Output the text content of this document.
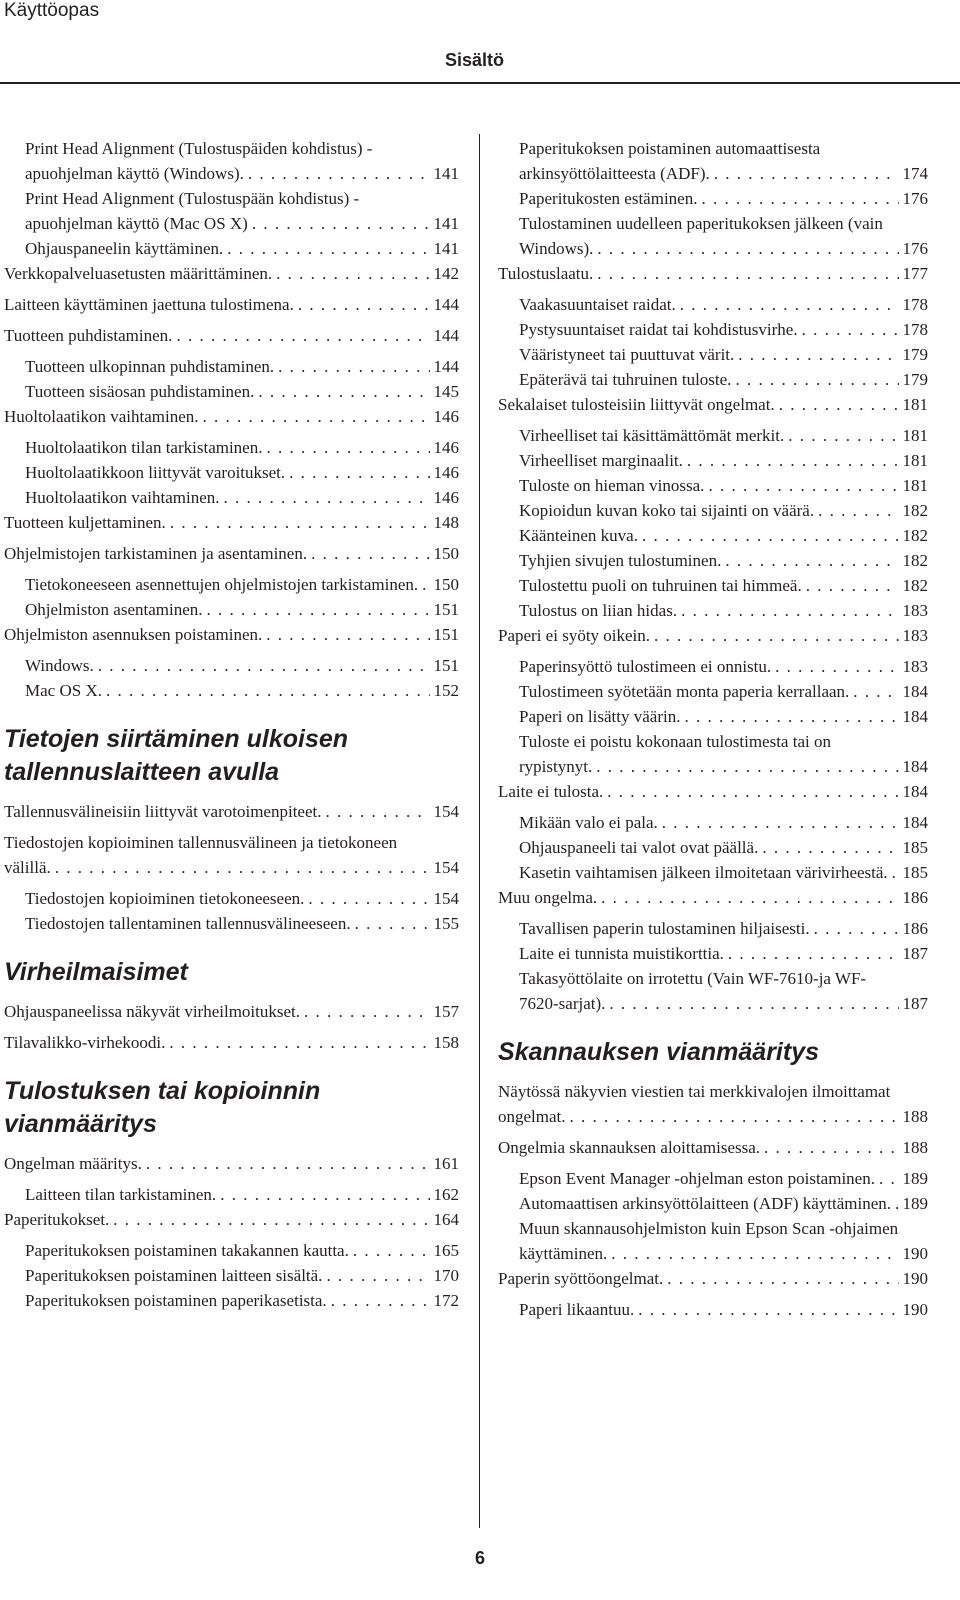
Käyttöopas
Sisältö
Print Head Alignment (Tulostuspäiden kohdistus) -apuohjelman käyttö (Windows). . . .	141
Print Head Alignment (Tulostuspään kohdistus) -apuohjelman käyttö (Mac OS X) . . .	141
Ohjauspaneelin käyttäminen. . . .	141
Verkkopalveluasetusten määrittäminen. . . .	142
Laitteen käyttäminen jaettuna tulostimena. . . .	144
Tuotteen puhdistaminen. . . .	144
Tuotteen ulkopinnan puhdistaminen. . . .	144
Tuotteen sisäosan puhdistaminen. . . .	145
Huoltolaatikon vaihtaminen. . . .	146
Huoltolaatikon tilan tarkistaminen. . . .	146
Huoltolaatikkoon liittyvät varoitukset. . . .	146
Huoltolaatikon vaihtaminen. . . .	146
Tuotteen kuljettaminen. . . .	148
Ohjelmistojen tarkistaminen ja asentaminen. . . .	150
Tietokoneeseen asennettujen ohjelmistojen tarkistaminen. . . . 150
Ohjelmiston asentaminen. . . .	151
Ohjelmiston asennuksen poistaminen. . . .	151
Windows. . . .	151
Mac OS X. . . .	152
Tietojen siirtäminen ulkoisen tallennuslaitteen avulla
Tallennusvälineisiin liittyvät varotoimenpiteet. . . .	154
Tiedostojen kopioiminen tallennusvälineen ja tietokoneen välillä. . . .	154
Tiedostojen kopioiminen tietokoneeseen. . . .	154
Tiedostojen tallentaminen tallennusvälineeseen. . . .	155
Virheilmaisimet
Ohjauspaneelissa näkyvät virheilmoitukset. . . .	157
Tilavalikko-virhekoodi. . . .	158
Tulostuksen tai kopioinnin vianmääritys
Ongelman määritys. . . .	161
Laitteen tilan tarkistaminen. . . .	162
Paperitukokset. . . .	164
Paperitukoksen poistaminen takakannen kautta. . . .	165
Paperitukoksen poistaminen laitteen sisältä. . . .	170
Paperitukoksen poistaminen paperikasetista. . . .	172
Paperitukoksen poistaminen automaattisesta arkinsyöttölaitteesta (ADF). . . .	174
Paperitukosten estäminen. . . .	176
Tulostaminen uudelleen paperitukoksen jälkeen (vain Windows). . . .	176
Tulostuslaatu. . . .	177
Vaakasuuntaiset raidat. . . .	178
Pystysuuntaiset raidat tai kohdistusvirhe. . . .	178
Vääristyneet tai puuttuvat värit. . . .	179
Epäterävä tai tuhruinen tuloste. . . .	179
Sekalaiset tulosteisiin liittyvät ongelmat. . . .	181
Virheelliset tai käsittämättömät merkit. . . .	181
Virheelliset marginaalit. . . .	181
Tuloste on hieman vinossa. . . .	181
Kopioidun kuvan koko tai sijainti on väärä. . . .	182
Käänteinen kuva. . . .	182
Tyhjien sivujen tulostuminen. . . .	182
Tulostettu puoli on tuhruinen tai himmeä. . . .	182
Tulostus on liian hidas. . . .	183
Paperi ei syöty oikein. . . .	183
Paperinsyöttö tulostimeen ei onnistu. . . .	183
Tulostimeen syötetään monta paperia kerrallaan. . . .	184
Paperi on lisätty väärin. . . .	184
Tuloste ei poistu kokonaan tulostimesta tai on rypistynyt. . . .	184
Laite ei tulosta. . . .	184
Mikään valo ei pala. . . .	184
Ohjauspaneeli tai valot ovat päällä. . . .	185
Kasetin vaihtamisen jälkeen ilmoitetaan värivirheestä. . . . 185
Muu ongelma. . . .	186
Tavallisen paperin tulostaminen hiljaisesti. . . .	186
Laite ei tunnista muistikorttia. . . .	187
Takasyöttölaite on irrotettu (Vain WF-7610-ja WF-7620-sarjat). . . .	187
Skannauksen vianmääritys
Näytössä näkyvien viestien tai merkkivalojen ilmoittamat ongelmat. . . .	188
Ongelmia skannauksen aloittamisessa. . . .	188
Epson Event Manager -ohjelman eston poistaminen. . . .	189
Automaattisen arkinsyöttölaitteen (ADF) käyttäminen. . . . 189
Muun skannausohjelmiston kuin Epson Scan -ohjaimen käyttäminen. . . .	190
Paperin syöttöongelmat. . . .	190
Paperi likaantuu. . . .	190
6
